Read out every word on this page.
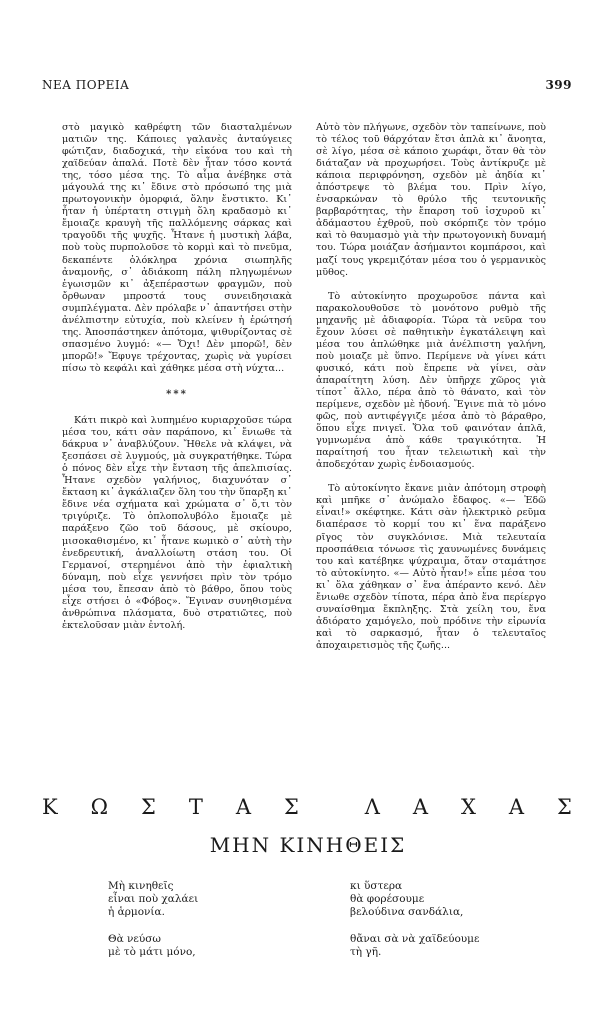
ΝΕΑ ΠΟΡΕΙΑ	399

στὸ μαγικὸ καθρέφτη τῶν διασταλμένων ματιῶν της. Κάποιες γαλανὲς ἀνταύγειες φώτιζαν, διαδοχικά, τὴν εἰκόνα του καὶ τὴ χαϊδεύαν ἁπαλά. Ποτὲ δὲν ἦταν τόσο κοντά της, τόσο μέσα της. Τὸ αἷμα ἀνέβηκε στὰ μάγουλά της κι᾽ ἔδινε στὸ πρόσωπό της μιὰ πρωτογονικὴν ὀμορφιά, ὅλην ἔνστικτο. Κι᾽ ἦταν ἡ ὑπέρτατη στιγμὴ ὅλη κραδασμὸ κι᾽ ἔμοιαζε κραυγὴ τῆς παλλόμενης σάρκας καὶ τραγοῦδι τῆς ψυχῆς. Ἦτανε ἡ μυστικὴ λάβα, ποὺ τοὺς πυρπολοῦσε τὸ κορμὶ καὶ τὸ πνεῦμα, δεκαπέντε ὁλόκληρα χρόνια σιωπηλῆς ἀναμονῆς, σ᾽ ἀδιάκοπη πάλη πληγωμένων ἐγωισμῶν κι᾽ ἀξεπέραστων φραγμῶν, ποὺ ὄρθωναν μπροστά τους συνειδησιακὰ συμπλέγματα. Δὲν πρόλαβε ν᾽ ἀπαντήσει στὴν ἀνέλπιστην εὐτυχία, ποὺ κλείνεν ἡ ἐρώτησή της. Ἀποσπάστηκεν ἀπότομα, ψιθυρίζοντας σὲ σπασμένο λυγμό: «— Ὄχι! Δὲν μπορῶ!, δὲν μπορῶ!» Ἔφυγε τρέχοντας, χωρὶς νὰ γυρίσει πίσω τὸ κεφάλι καὶ χάθηκε μέσα στὴ νύχτα...

***

Κάτι πικρὸ καὶ λυπημένο κυριαρχοῦσε τώρα μέσα του, κάτι σὰν παράπονο, κι᾽ ἔνιωθε τὰ δάκρυα ν᾽ ἀναβλύζουν. Ἤθελε νὰ κλάψει, νὰ ξεσπάσει σὲ λυγμούς, μὰ συγκρατήθηκε. Τώρα ὁ πόνος δὲν εἶχε τὴν ἔνταση τῆς ἀπελπισίας. Ἦτανε σχεδὸν γαλήνιος, διαχυνόταν σ᾽ ἔκταση κι᾽ ἀγκάλιαζεν ὅλη του τὴν ὕπαρξη κι᾽ ἔδινε νέα σχήματα καὶ χρώματα σ᾽ ὅ,τι τὸν τριγύριζε. Τὸ ὁπλοπολυβόλο ἔμοιαζε μὲ παράξενο ζῶο τοῦ δάσους, μὲ σκίουρο, μισοκαθισμένο, κι᾽ ἦτανε κωμικὸ σ᾽ αὐτὴ τὴν ἐνεδρευτική, ἀναλλοίωτη στάση του. Οἱ Γερμανοί, στερημένοι ἀπὸ τὴν ἐφιαλτικὴ δύναμη, ποὺ εἶχε γεννήσει πρὶν τὸν τρόμο μέσα του, ἔπεσαν ἀπὸ τὸ βάθρο, ὅπου τοὺς εἶχε στήσει ὁ «Φόβος». Ἔγιναν συνηθισμένα ἀνθρώπινα πλάσματα, δυὸ στρατιῶτες, ποὺ ἐκτελοῦσαν μιὰν ἐντολή.

Αὐτὸ τὸν πλήγωνε, σχεδὸν τὸν ταπείνωνε, ποὺ τὸ τέλος τοῦ θάρχόταν ἔτσι ἁπλὰ κι᾽ ἄνοητα, σὲ λίγο, μέσα σὲ κάποιο χωράφι, ὅταν θὰ τὸν διάταζαν νὰ προχωρήσει. Τοὺς ἀντίκρυζε μὲ κάποια περιφρόνηση, σχεδὸν μὲ ἀηδία κι᾽ ἀπόστρεψε τὸ βλέμα του. Πρὶν λίγο, ἐνσαρκώναν τὸ θρύλο τῆς τευτονικῆς βαρβαρότητας, τὴν ἔπαρση τοῦ ἰσχυροῦ κι᾽ ἀδάμαστου ἐχθροῦ, ποὺ σκόρπιζε τὸν τρόμο καὶ τὸ θαυμασμὸ γιὰ τὴν πρωτογονικὴ δυναμή του. Τώρα μοιάζαν ἀσήμαντοι κομπάρσοι, καὶ μαζί τους γκρεμιζόταν μέσα του ὁ γερμανικὸς μῦθος.

Τὸ αὐτοκίνητο προχωροῦσε πάντα καὶ παρακολουθοῦσε τὸ μονότονο ρυθμὸ τῆς μηχανῆς μὲ ἀδιαφορία. Τώρα τὰ νεῦρα του ἔχουν λύσει σὲ παθητικὴν ἐγκατάλειψη καὶ μέσα του ἁπλώθηκε μιὰ ἀνέλπιστη γαλήνη, ποὺ μοιαζε μὲ ὕπνο. Περίμενε νὰ γίνει κάτι φυσικό, κάτι ποὺ ἔπρεπε νὰ γίνει, σὰν ἀπαραίτητη λύση. Δὲν ὑπῆρχε χῶρος γιὰ τίποτ᾽ ἄλλο, πέρα ἀπὸ τὸ θάνατο, καὶ τὸν περίμενε, σχεδὸν μὲ ἡδονή. Ἔγινε πιὰ τὸ μόνο φῶς, ποὺ αντιφέγγιζε μέσα ἀπὸ τὸ βάραθρο, ὅπου εἶχε πνιγεῖ. Ὅλα τοῦ φαινόταν ἁπλᾶ, γυμνωμένα ἀπὸ κάθε τραγικότητα. Ἡ παραίτησή του ἦταν τελειωτικὴ καὶ τὴν ἀποδεχόταν χωρὶς ἐνδοιασμούς.

Τὸ αὐτοκίνητο ἔκανε μιὰν ἀπότομη στροφὴ καὶ μπῆκε σ᾽ ἀνώμαλο ἔδαφος. «— Ἐδῶ εἶναι!» σκέφτηκε. Κάτι σὰν ἠλεκτρικὸ ρεῦμα διαπέρασε τὸ κορμί του κι᾽ ἕνα παράξενο ρῖγος τὸν συγκλόνισε. Μιὰ τελευταία προσπάθεια τόνωσε τὶς χαυνωμένες δυνάμεις του καὶ κατέβηκε ψύχραιμα, ὅταν σταμάτησε τὸ αὐτοκίνητο. «— Αὐτὸ ἦταν!» εἶπε μέσα του κι᾽ ὅλα χάθηκαν σ᾽ ἕνα ἀπέραντο κενό. Δὲν ἔνιωθε σχεδὸν τίποτα, πέρα ἀπὸ ἕνα περίεργο συναίσθημα ἔκπληξης. Στὰ χείλη του, ἕνα ἀδιόρατο χαμόγελο, ποὺ πρόδινε τὴν εἰρωνία καὶ τὸ σαρκασμό, ἦταν ὁ τελευταῖος ἀποχαιρετισμὸς τῆς ζωῆς...

Κ Ω Σ Τ Α Σ	Λ Α Χ Α Σ
ΜΗΝ ΚΙΝΗΘΕΙΣ
Μὴ κινηθεῖς
εἶναι ποὺ χαλάει
ἡ ἁρμονία.
Θὰ νεύσω
μὲ τὸ μάτι μόνο,
κι ὕστερα
θὰ φορέσουμε
βελούδινα σανδάλια,
θἄναι σὰ νὰ χαϊδεύουμε
τὴ γῆ.
